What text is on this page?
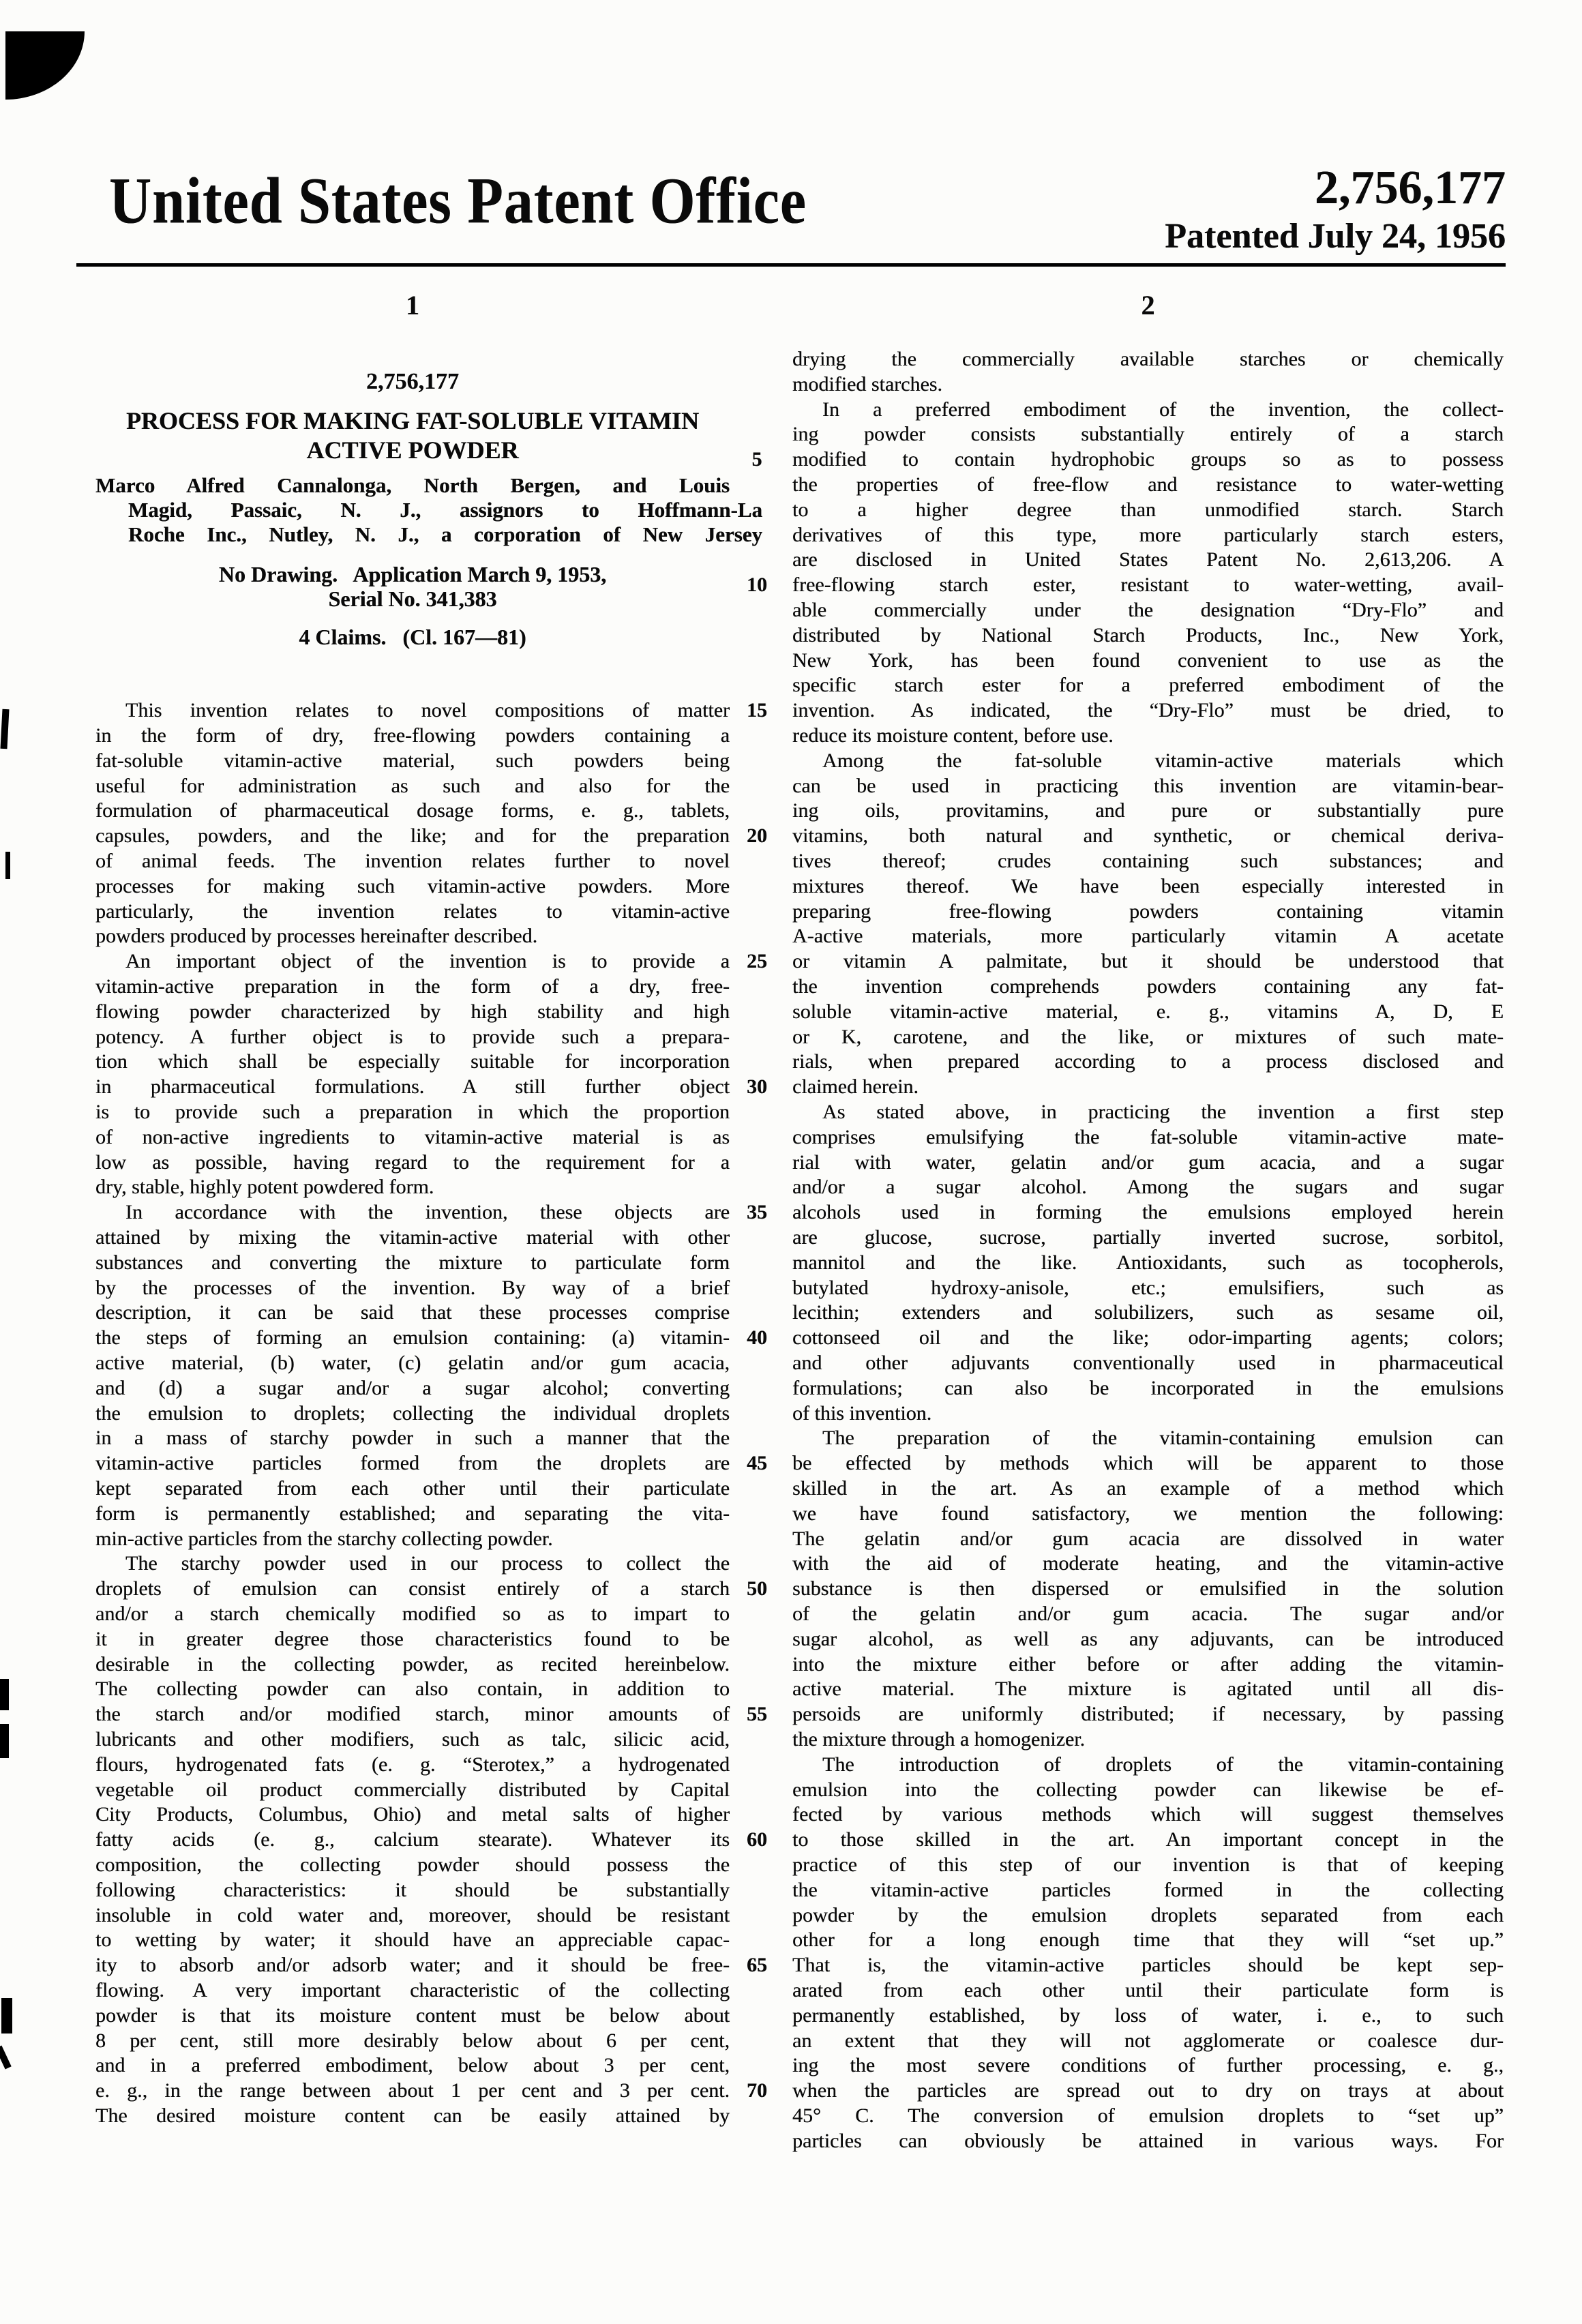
United States Patent Office	2,756,177
Patented July 24, 1956
1	2
2,756,177
PROCESS FOR MAKING FAT-SOLUBLE VITAMIN
ACTIVE POWDER
Marco Alfred Cannalonga, North Bergen, and Louis
Magid, Passaic, N. J., assignors to Hoffmann-La
Roche Inc., Nutley, N. J., a corporation of New Jersey
No Drawing.  Application March 9, 1953,
Serial No. 341,383
4 Claims.  (Cl. 167—81)
This invention relates to novel compositions of matter
in the form of dry, free-flowing powders containing a
fat-soluble vitamin-active material, such powders being
useful for administration as such and also for the
formulation of pharmaceutical dosage forms, e. g., tablets,
capsules, powders, and the like; and for the preparation
of animal feeds. The invention relates further to novel
processes for making such vitamin-active powders. More
particularly, the invention relates to vitamin-active
powders produced by processes hereinafter described.
An important object of the invention is to provide a
vitamin-active preparation in the form of a dry, free-
flowing powder characterized by high stability and high
potency. A further object is to provide such a prepara-
tion which shall be especially suitable for incorporation
in pharmaceutical formulations. A still further object
is to provide such a preparation in which the proportion
of non-active ingredients to vitamin-active material is as
low as possible, having regard to the requirement for a
dry, stable, highly potent powdered form.
In accordance with the invention, these objects are
attained by mixing the vitamin-active material with other
substances and converting the mixture to particulate form
by the processes of the invention. By way of a brief
description, it can be said that these processes comprise
the steps of forming an emulsion containing: (a) vitamin-
active material, (b) water, (c) gelatin and/or gum acacia,
and (d) a sugar and/or a sugar alcohol; converting
the emulsion to droplets; collecting the individual droplets
in a mass of starchy powder in such a manner that the
vitamin-active particles formed from the droplets are
kept separated from each other until their particulate
form is permanently established; and separating the vita-
min-active particles from the starchy collecting powder.
The starchy powder used in our process to collect the
droplets of emulsion can consist entirely of a starch
and/or a starch chemically modified so as to impart to
it in greater degree those characteristics found to be
desirable in the collecting powder, as recited hereinbelow.
The collecting powder can also contain, in addition to
the starch and/or modified starch, minor amounts of
lubricants and other modifiers, such as talc, silicic acid,
flours, hydrogenated fats (e. g. “Sterotex,” a hydrogenated
vegetable oil product commercially distributed by Capital
City Products, Columbus, Ohio) and metal salts of higher
fatty acids (e. g., calcium stearate). Whatever its
composition, the collecting powder should possess the
following characteristics: it should be substantially
insoluble in cold water and, moreover, should be resistant
to wetting by water; it should have an appreciable capac-
ity to absorb and/or adsorb water; and it should be free-
flowing. A very important characteristic of the collecting
powder is that its moisture content must be below about
8 per cent, still more desirably below about 6 per cent,
and in a preferred embodiment, below about 3 per cent,
e. g., in the range between about 1 per cent and 3 per cent.
The desired moisture content can be easily attained by
5
10
15
20
25
30
35
40
45
50
55
60
65
70
drying the commercially available starches or chemically
modified starches.
In a preferred embodiment of the invention, the collect-
ing powder consists substantially entirely of a starch
modified to contain hydrophobic groups so as to possess
the properties of free-flow and resistance to water-wetting
to a higher degree than unmodified starch. Starch
derivatives of this type, more particularly starch esters,
are disclosed in United States Patent No. 2,613,206. A
free-flowing starch ester, resistant to water-wetting, avail-
able commercially under the designation “Dry-Flo” and
distributed by National Starch Products, Inc., New York,
New York, has been found convenient to use as the
specific starch ester for a preferred embodiment of the
invention. As indicated, the “Dry-Flo” must be dried, to
reduce its moisture content, before use.
Among the fat-soluble vitamin-active materials which
can be used in practicing this invention are vitamin-bear-
ing oils, provitamins, and pure or substantially pure
vitamins, both natural and synthetic, or chemical deriva-
tives thereof; crudes containing such substances; and
mixtures thereof. We have been especially interested in
preparing free-flowing powders containing vitamin
A-active materials, more particularly vitamin A acetate
or vitamin A palmitate, but it should be understood that
the invention comprehends powders containing any fat-
soluble vitamin-active material, e. g., vitamins A, D, E
or K, carotene, and the like, or mixtures of such mate-
rials, when prepared according to a process disclosed and
claimed herein.
As stated above, in practicing the invention a first step
comprises emulsifying the fat-soluble vitamin-active mate-
rial with water, gelatin and/or gum acacia, and a sugar
and/or a sugar alcohol. Among the sugars and sugar
alcohols used in forming the emulsions employed herein
are glucose, sucrose, partially inverted sucrose, sorbitol,
mannitol and the like. Antioxidants, such as tocopherols,
butylated hydroxy-anisole, etc.; emulsifiers, such as
lecithin; extenders and solubilizers, such as sesame oil,
cottonseed oil and the like; odor-imparting agents; colors;
and other adjuvants conventionally used in pharmaceutical
formulations; can also be incorporated in the emulsions
of this invention.
The preparation of the vitamin-containing emulsion can
be effected by methods which will be apparent to those
skilled in the art. As an example of a method which
we have found satisfactory, we mention the following:
The gelatin and/or gum acacia are dissolved in water
with the aid of moderate heating, and the vitamin-active
substance is then dispersed or emulsified in the solution
of the gelatin and/or gum acacia. The sugar and/or
sugar alcohol, as well as any adjuvants, can be introduced
into the mixture either before or after adding the vitamin-
active material. The mixture is agitated until all dis-
persoids are uniformly distributed; if necessary, by passing
the mixture through a homogenizer.
The introduction of droplets of the vitamin-containing
emulsion into the collecting powder can likewise be ef-
fected by various methods which will suggest themselves
to those skilled in the art. An important concept in the
practice of this step of our invention is that of keeping
the vitamin-active particles formed in the collecting
powder by the emulsion droplets separated from each
other for a long enough time that they will “set up.”
That is, the vitamin-active particles should be kept sep-
arated from each other until their particulate form is
permanently established, by loss of water, i. e., to such
an extent that they will not agglomerate or coalesce dur-
ing the most severe conditions of further processing, e. g.,
when the particles are spread out to dry on trays at about
45° C. The conversion of emulsion droplets to “set up”
particles can obviously be attained in various ways. For
